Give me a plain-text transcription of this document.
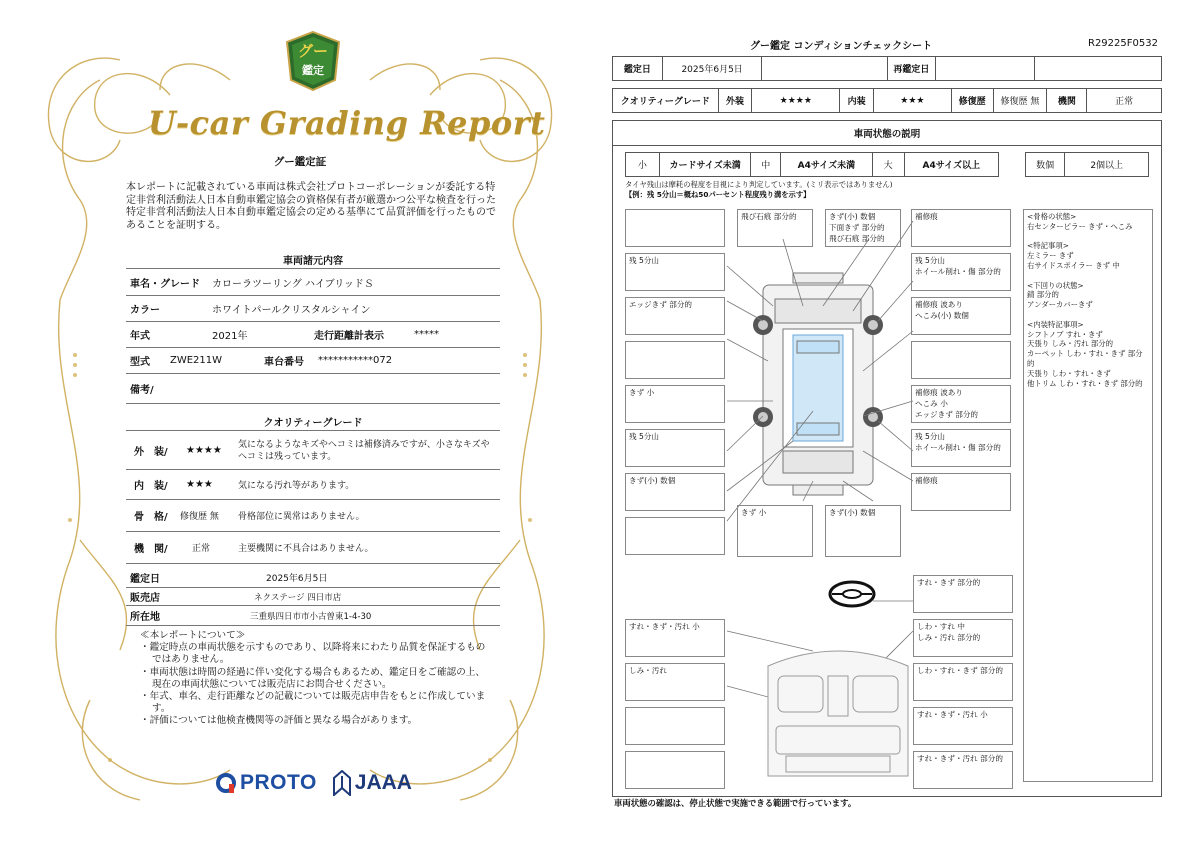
グー
鑑定
U-car Grading Report
グー鑑定証
本レポートに記載されている車両は株式会社プロトコーポレーションが委託する特定非営利活動法人日本自動車鑑定協会の資格保有者が厳選かつ公平な検査を行った特定非営利活動法人日本自動車鑑定協会の定める基準にて品質評価を行ったものであることを証明する。
車両諸元内容
車名・グレード	カローラツーリング ハイブリッドＳ
カラー	ホワイトパールクリスタルシャイン
年式	2021年	走行距離計表示	*****
型式	ZWE211W	車台番号	***********072
備考/
クオリティーグレード
外　装/	★★★★
気になるようなキズやヘコミは補修済みですが、小さなキズやヘコミは残っています。
内　装/	★★★	気になる汚れ等があります。
骨　格/	修復歴 無	骨格部位に異常はありません。
機　関/	正常	主要機関に不具合はありません。
鑑定日	2025年6月5日
販売店	ネクステージ 四日市店
所在地	三重県四日市市小古曽東1-4-30
≪本レポートについて≫
・鑑定時点の車両状態を示すものであり、以降将来にわたり品質を保証するものではありません。
・車両状態は時間の経過に伴い変化する場合もあるため、鑑定日をご確認の上、現在の車両状態については販売店にお問合せください。
・年式、車名、走行距離などの記載については販売店申告をもとに作成しています。
・評価については他検査機関等の評価と異なる場合があります。
PROTO JAAA
グー鑑定 コンディションチェックシート	R29225F0532
鑑定日	2025年6月5日	再鑑定日
クオリティーグレード	外装	★★★★	内装	★★★	修復歴	修復歴 無	機関	正常
車両状態の説明
小	カードサイズ未満	中	A4サイズ未満	大	A4サイズ以上	数個	2個以上
タイヤ残山は摩耗の程度を目視により判定しています。(ミリ表示ではありません)
【例：残 5分山＝概ね50パーセント程度残り溝を示す】
飛び石痕 部分的	きず(小) 数個
下面きず 部分的
飛び石痕 部分的
補修痕
残 5分山	残 5分山
ホイール削れ・傷 部分的
エッジきず 部分的	補修痕 波あり
へこみ(小) 数個
きず 小	補修痕 波あり
へこみ 小
エッジきず 部分的
残 5分山	残 5分山
ホイール削れ・傷 部分的
きず(小) 数個	補修痕
きず 小	きず(小) 数個
すれ・きず 部分的
すれ・きず・汚れ 小	しわ・すれ 中
しみ・汚れ 部分的
しみ・汚れ	しわ・すれ・きず 部分的
すれ・きず・汚れ 小
すれ・きず・汚れ 部分的
<骨格の状態>
右センターピラー きず・へこみ

<特記事項>
左ミラー きず
右サイドスポイラー きず 中

<下回りの状態>
錆 部分的
アンダーカバーきず

<内装特記事項>
シフトノブ すれ・きず
天張り しみ・汚れ 部分的
カーペット しわ・すれ・きず 部分的
天張り しわ・すれ・きず
他トリム しわ・すれ・きず 部分的
車両状態の確認は、停止状態で実施できる範囲で行っています。
